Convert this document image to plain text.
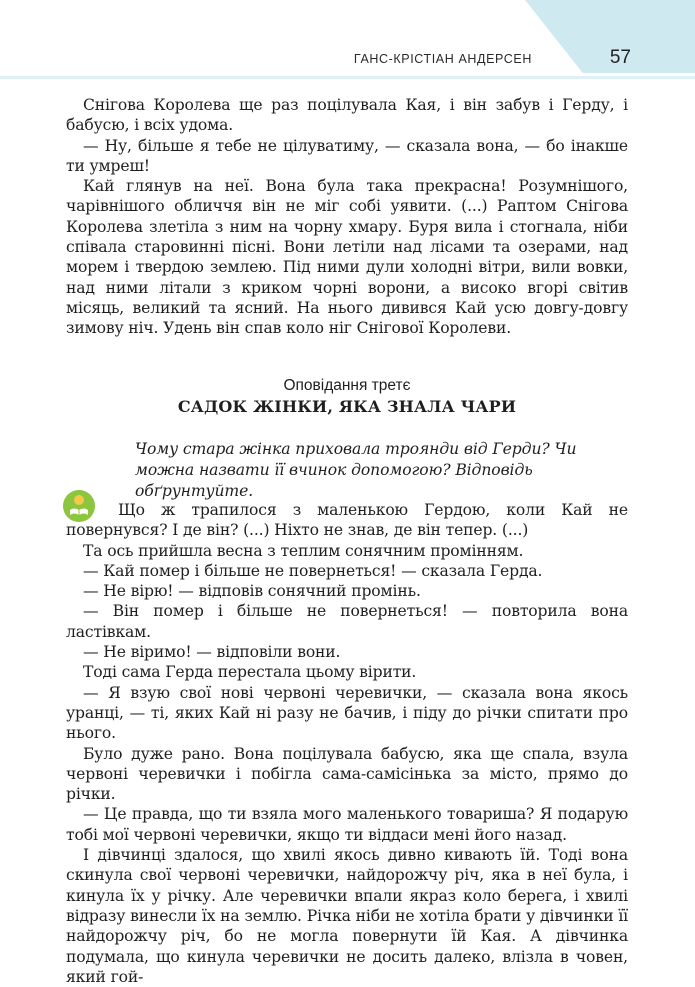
ГАНС-КРІСТІАН АНДЕРСЕН	57

Снігова Королева ще раз поцілувала Кая, і він забув і Герду, і бабусю, і всіх удома.

— Ну, більше я тебе не цілуватиму, — сказала вона, — бо інакше ти умреш!

Кай глянув на неї. Вона була така прекрасна! Розумнішого, чарівнішого обличчя він не міг собі уявити. (...) Раптом Снігова Королева злетіла з ним на чорну хмару. Буря вила і стогнала, ніби співала старовинні пісні. Вони летіли над лісами та озерами, над морем і твердою землею. Під ними дули холодні вітри, вили вовки, над ними літали з криком чорні ворони, а високо вгорі світив місяць, великий та ясний. На нього дивився Кай усю довгу-довгу зимову ніч. Удень він спав коло ніг Снігової Королеви.

Оповідання третє
САДОК ЖІНКИ, ЯКА ЗНАЛА ЧАРИ
Чому стара жінка приховала троянди від Герди? Чи можна назвати її вчинок допомогою? Відповідь обґрунтуйте.

Що ж трапилося з маленькою Гердою, коли Кай не повернувся? І де він? (...) Ніхто не знав, де він тепер. (...)

Та ось прийшла весна з теплим сонячним промінням.

— Кай помер і більше не повернеться! — сказала Герда.

— Не вірю! — відповів сонячний промінь.

— Він помер і більше не повернеться! — повторила вона ластівкам.

— Не віримо! — відповіли вони.

Тоді сама Герда перестала цьому вірити.

— Я взую свої нові червоні черевички, — сказала вона якось уранці, — ті, яких Кай ні разу не бачив, і піду до річки спитати про нього.

Було дуже рано. Вона поцілувала бабусю, яка ще спала, взула червоні черевички і побігла сама-самісінька за місто, прямо до річки.

— Це правда, що ти взяла мого маленького товариша? Я подарую тобі мої червоні черевички, якщо ти віддаси мені його назад.

І дівчинці здалося, що хвилі якось дивно кивають їй. Тоді вона скинула свої червоні черевички, найдорожчу річ, яка в неї була, і кинула їх у річку. Але черевички впали якраз коло берега, і хвилі відразу винесли їх на землю. Річка ніби не хотіла брати у дівчинки її найдорожчу річ, бо не могла повернути їй Кая. А дівчинка подумала, що кинула черевички не досить далеко, влізла в човен, який гой-
